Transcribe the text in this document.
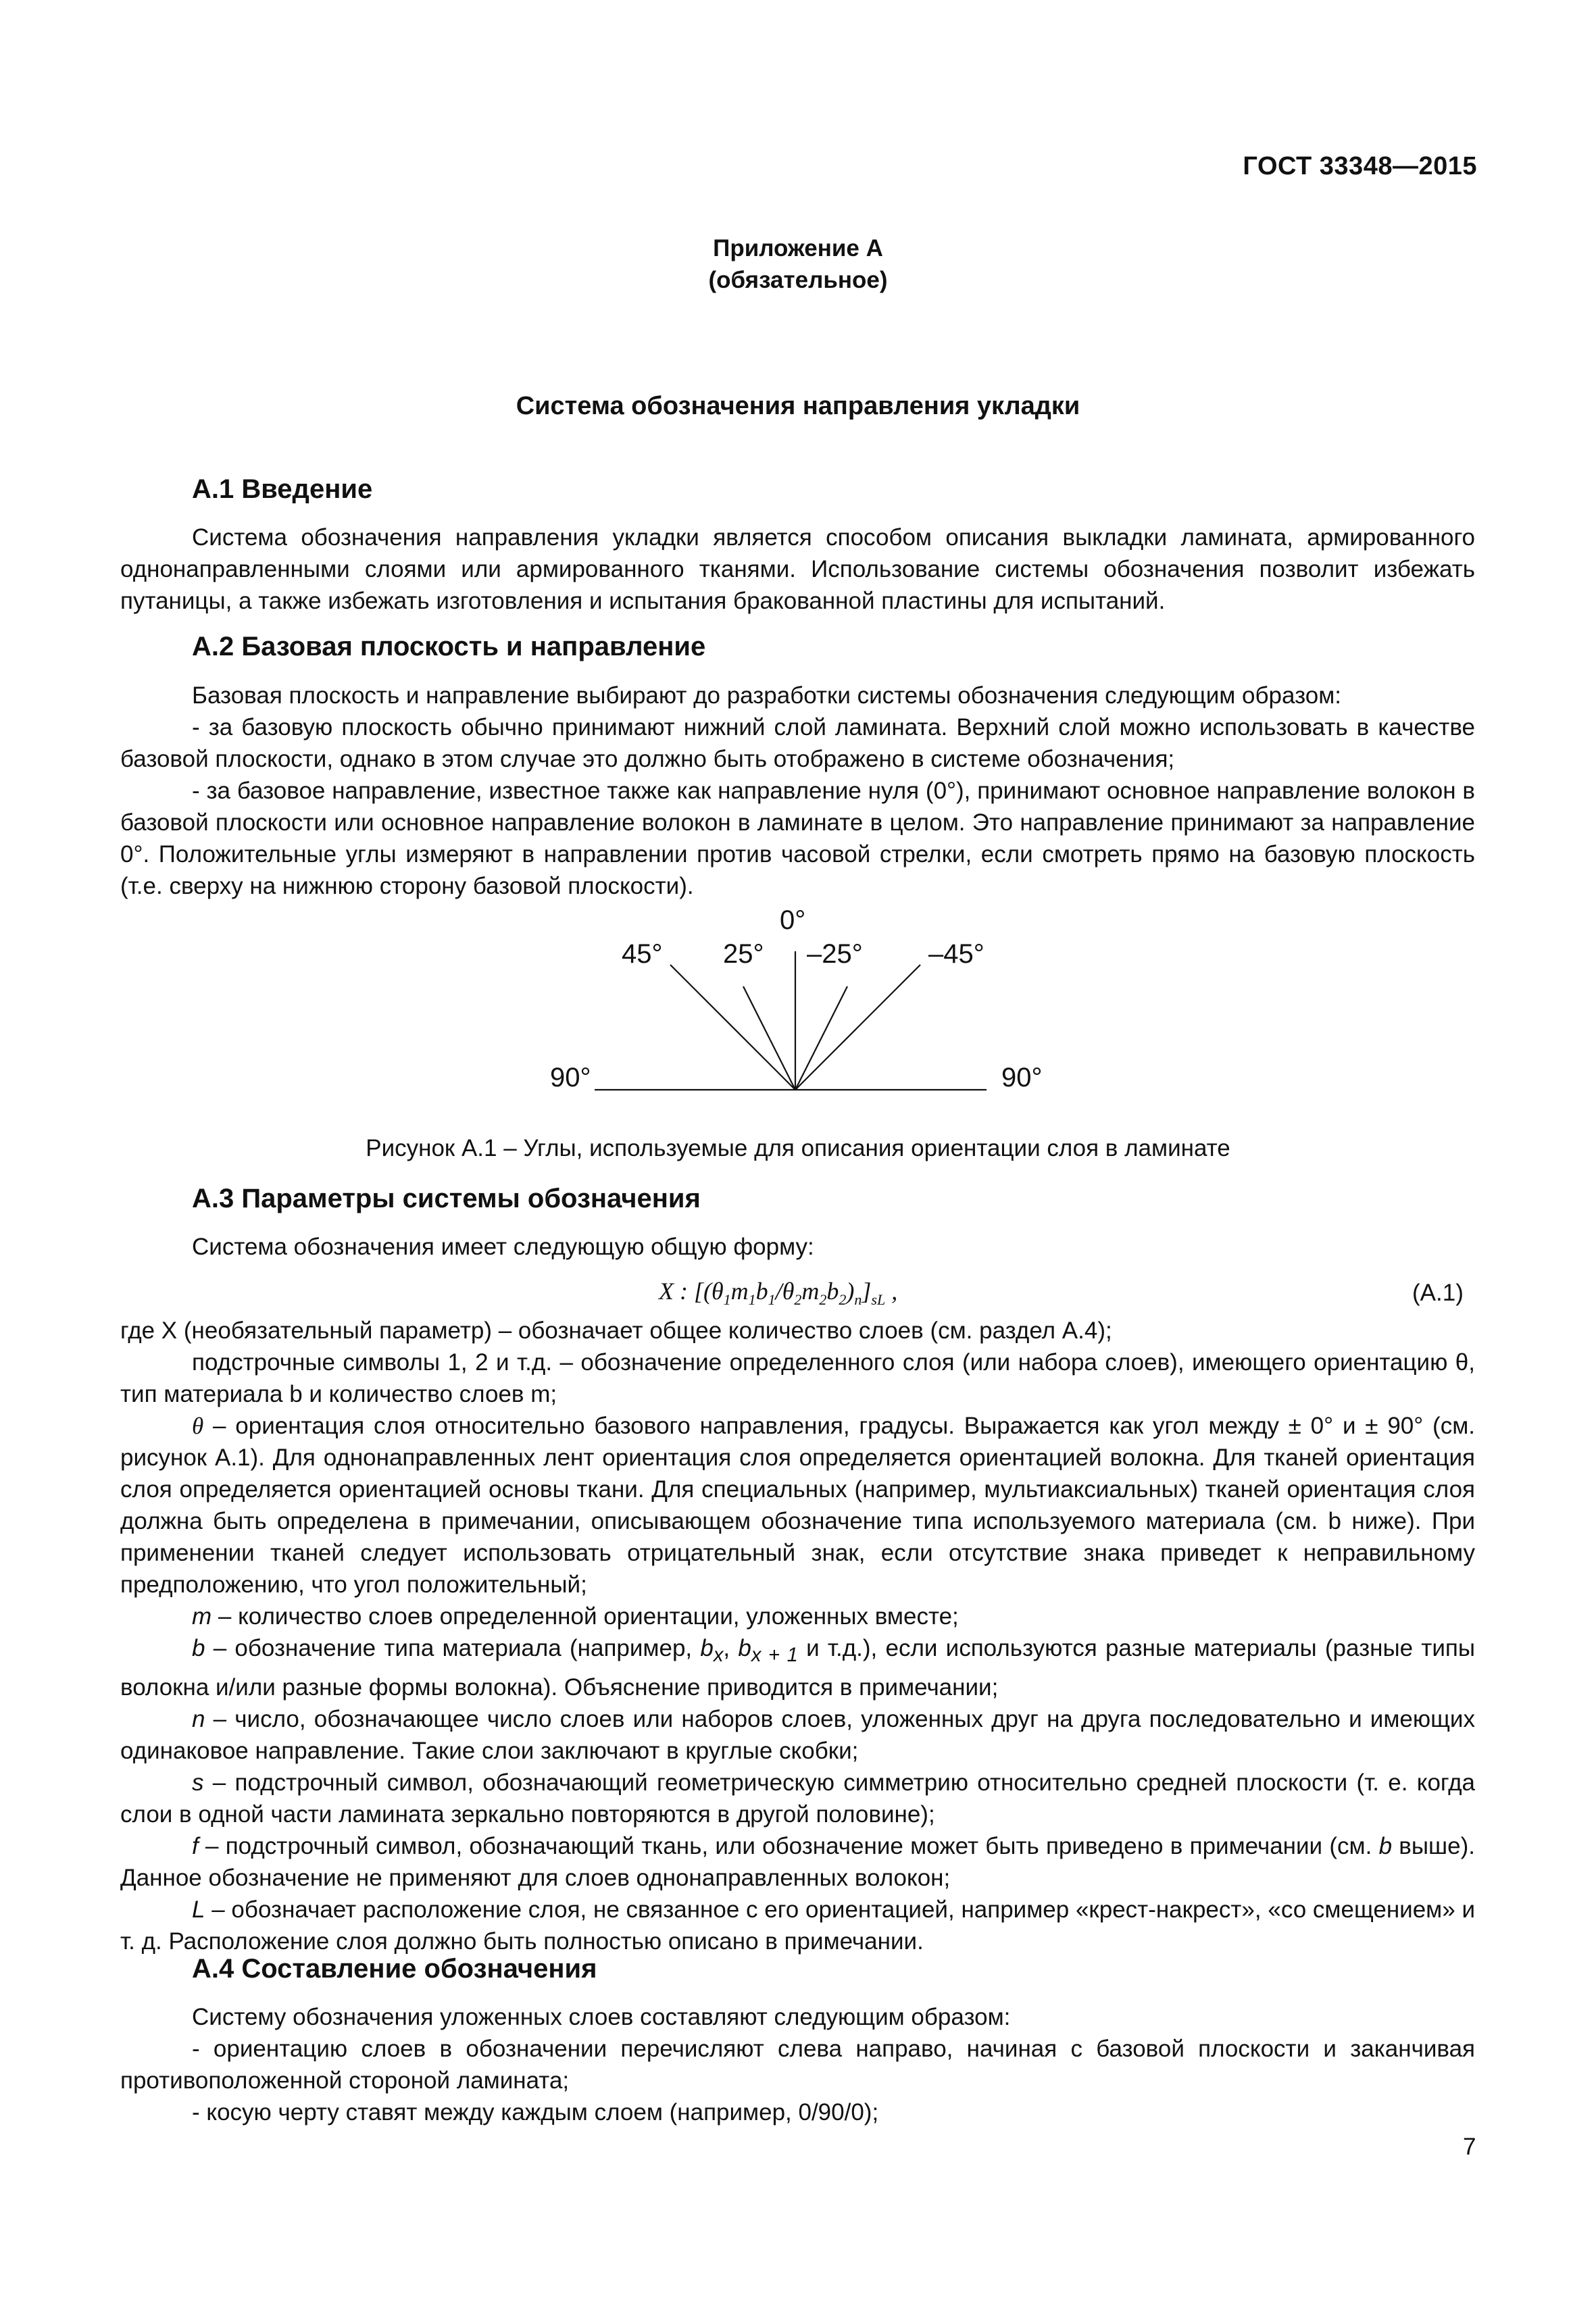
ГОСТ 33348—2015
Приложение А
(обязательное)
Система обозначения направления укладки
А.1 Введение

Система обозначения направления укладки является способом описания выкладки ламината, армированного однонаправленными слоями или армированного тканями. Использование системы обозначения позволит избежать путаницы, а также избежать изготовления и испытания бракованной пластины для испытаний.

А.2 Базовая плоскость и направление

Базовая плоскость и направление выбирают до разработки системы обозначения следующим образом:

- за базовую плоскость обычно принимают нижний слой ламината. Верхний слой можно использовать в качестве базовой плоскости, однако в этом случае это должно быть отображено в системе обозначения;

- за базовое направление, известное также как направление нуля (0°), принимают основное направление волокон в базовой плоскости или основное направление волокон в ламинате в целом. Это направление принимают за направление 0°. Положительные углы измеряют в направлении против часовой стрелки, если смотреть прямо на базовую плоскость (т.е. сверху на нижнюю сторону базовой плоскости).

0°
45° 25° –25° –45°
90°	90°
Рисунок А.1 – Углы, используемые для описания ориентации слоя в ламинате
А.3 Параметры системы обозначения

Система обозначения имеет следующую общую форму:

X : $[(\theta_1m_1b_1/\theta_2m_2b_2)_n]_{sL}$ ,	(А.1)

где X (необязательный параметр) – обозначает общее количество слоев (см. раздел А.4);

подстрочные символы 1, 2 и т.д. – обозначение определенного слоя (или набора слоев), имеющего ориентацию θ, тип материала b и количество слоев m;

θ – ориентация слоя относительно базового направления, градусы. Выражается как угол между ± 0° и ± 90° (см. рисунок А.1). Для однонаправленных лент ориентация слоя определяется ориентацией волокна. Для тканей ориентация слоя определяется ориентацией основы ткани. Для специальных (например, мультиаксиальных) тканей ориентация слоя должна быть определена в примечании, описывающем обозначение типа используемого материала (см. b ниже). При применении тканей следует использовать отрицательный знак, если отсутствие знака приведет к неправильному предположению, что угол положительный;

m – количество слоев определенной ориентации, уложенных вместе;

b – обозначение типа материала (например, $b_x$, $b_{x + 1}$ и т.д.), если используются разные материалы (разные типы волокна и/или разные формы волокна). Объяснение приводится в примечании;

n – число, обозначающее число слоев или наборов слоев, уложенных друг на друга последовательно и имеющих одинаковое направление. Такие слои заключают в круглые скобки;

s – подстрочный символ, обозначающий геометрическую симметрию относительно средней плоскости (т. е. когда слои в одной части ламината зеркально повторяются в другой половине);

f – подстрочный символ, обозначающий ткань, или обозначение может быть приведено в примечании (см. b выше). Данное обозначение не применяют для слоев однонаправленных волокон;

L – обозначает расположение слоя, не связанное с его ориентацией, например «крест-накрест», «со смещением» и т. д. Расположение слоя должно быть полностью описано в примечании.

А.4 Составление обозначения

Систему обозначения уложенных слоев составляют следующим образом:

- ориентацию слоев в обозначении перечисляют слева направо, начиная с базовой плоскости и заканчивая противоположенной стороной ламината;

- косую черту ставят между каждым слоем (например, 0/90/0);

7
